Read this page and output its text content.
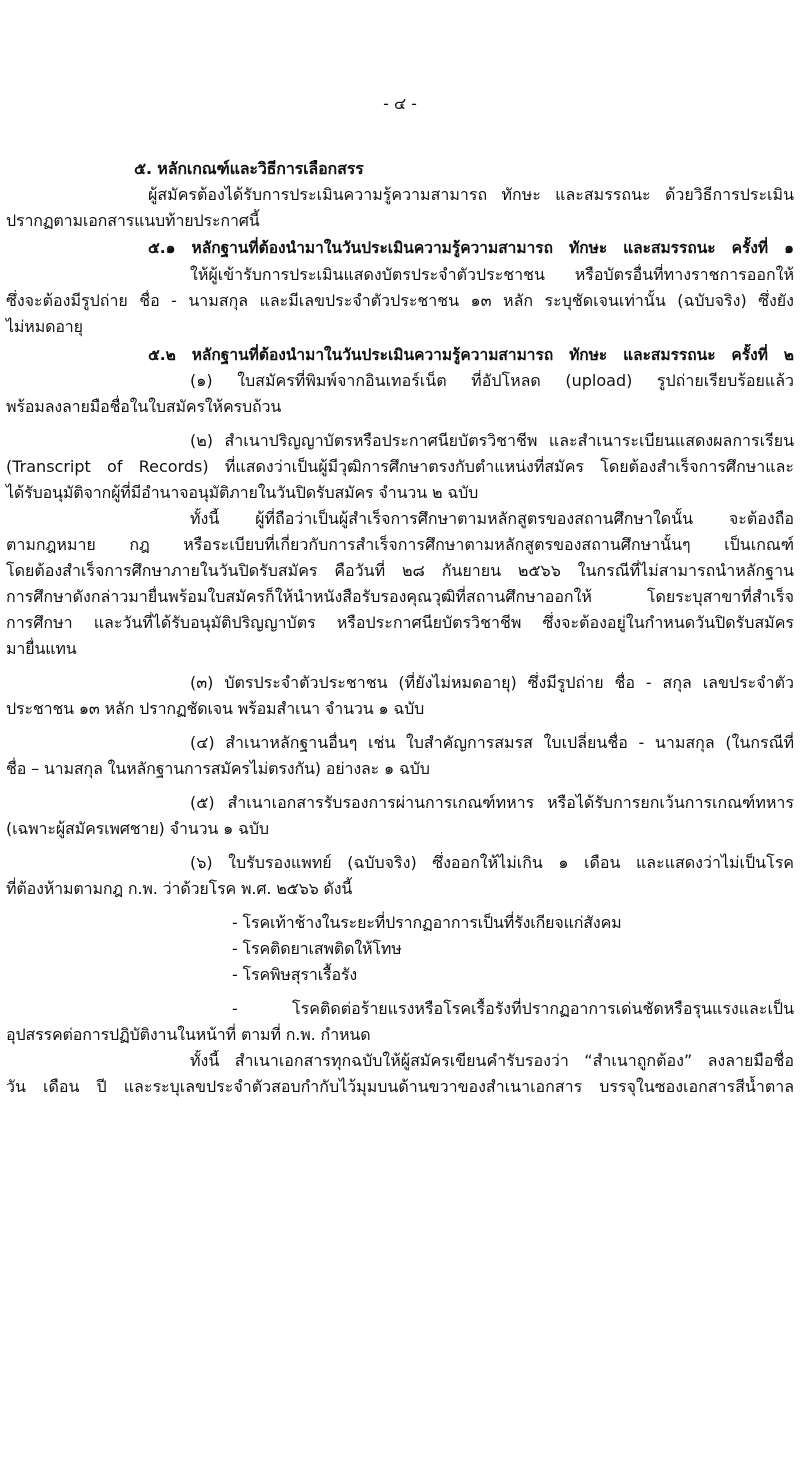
- ๔ -
๕. หลักเกณฑ์และวิธีการเลือกสรร
ผู้สมัครต้องได้รับการประเมินความรู้ความสามารถ ทักษะ และสมรรถนะ ด้วยวิธีการประเมิน
ปรากฏตามเอกสารแนบท้ายประกาศนี้
๕.๑ หลักฐานที่ต้องนำมาในวันประเมินความรู้ความสามารถ ทักษะ และสมรรถนะ ครั้งที่ ๑
ให้ผู้เข้ารับการประเมินแสดงบัตรประจำตัวประชาชน หรือบัตรอื่นที่ทางราชการออกให้
ซึ่งจะต้องมีรูปถ่าย ชื่อ - นามสกุล และมีเลขประจำตัวประชาชน ๑๓ หลัก ระบุชัดเจนเท่านั้น (ฉบับจริง) ซึ่งยัง
ไม่หมดอายุ
๕.๒ หลักฐานที่ต้องนำมาในวันประเมินความรู้ความสามารถ ทักษะ และสมรรถนะ ครั้งที่ ๒
(๑) ใบสมัครที่พิมพ์จากอินเทอร์เน็ต ที่อัปโหลด (upload) รูปถ่ายเรียบร้อยแล้ว
พร้อมลงลายมือชื่อในใบสมัครให้ครบถ้วน
(๒) สำเนาปริญญาบัตรหรือประกาศนียบัตรวิชาชีพ และสำเนาระเบียนแสดงผลการเรียน
(Transcript of Records) ที่แสดงว่าเป็นผู้มีวุฒิการศึกษาตรงกับตำแหน่งที่สมัคร โดยต้องสำเร็จการศึกษาและ
ได้รับอนุมัติจากผู้ที่มีอำนาจอนุมัติภายในวันปิดรับสมัคร จำนวน ๒ ฉบับ
ทั้งนี้ ผู้ที่ถือว่าเป็นผู้สำเร็จการศึกษาตามหลักสูตรของสถานศึกษาใดนั้น จะต้องถือ
ตามกฎหมาย กฎ หรือระเบียบที่เกี่ยวกับการสำเร็จการศึกษาตามหลักสูตรของสถานศึกษานั้นๆ เป็นเกณฑ์
โดยต้องสำเร็จการศึกษาภายในวันปิดรับสมัคร คือวันที่ ๒๘ กันยายน ๒๕๖๖ ในกรณีที่ไม่สามารถนำหลักฐาน
การศึกษาดังกล่าวมายื่นพร้อมใบสมัครก็ให้นำหนังสือรับรองคุณวุฒิที่สถานศึกษาออกให้ โดยระบุสาขาที่สำเร็จ
การศึกษา และวันที่ได้รับอนุมัติปริญญาบัตร หรือประกาศนียบัตรวิชาชีพ ซึ่งจะต้องอยู่ในกำหนดวันปิดรับสมัคร
มายื่นแทน
(๓) บัตรประจำตัวประชาชน (ที่ยังไม่หมดอายุ) ซึ่งมีรูปถ่าย ชื่อ - สกุล เลขประจำตัว
ประชาชน ๑๓ หลัก ปรากฏชัดเจน พร้อมสำเนา จำนวน ๑ ฉบับ
(๔) สำเนาหลักฐานอื่นๆ เช่น ใบสำคัญการสมรส ใบเปลี่ยนชื่อ - นามสกุล (ในกรณีที่
ชื่อ – นามสกุล ในหลักฐานการสมัครไม่ตรงกัน) อย่างละ ๑ ฉบับ
(๕) สำเนาเอกสารรับรองการผ่านการเกณฑ์ทหาร หรือได้รับการยกเว้นการเกณฑ์ทหาร
(เฉพาะผู้สมัครเพศชาย) จำนวน ๑ ฉบับ
(๖) ใบรับรองแพทย์ (ฉบับจริง) ซึ่งออกให้ไม่เกิน ๑ เดือน และแสดงว่าไม่เป็นโรค
ที่ต้องห้ามตามกฎ ก.พ. ว่าด้วยโรค พ.ศ. ๒๕๖๖ ดังนี้
- โรคเท้าช้างในระยะที่ปรากฏอาการเป็นที่รังเกียจแก่สังคม
- โรคติดยาเสพติดให้โทษ
- โรคพิษสุราเรื้อรัง
- โรคติดต่อร้ายแรงหรือโรคเรื้อรังที่ปรากฏอาการเด่นชัดหรือรุนแรงและเป็น
อุปสรรคต่อการปฏิบัติงานในหน้าที่ ตามที่ ก.พ. กำหนด
ทั้งนี้ สำเนาเอกสารทุกฉบับให้ผู้สมัครเขียนคำรับรองว่า “สำเนาถูกต้อง” ลงลายมือชื่อ
วัน เดือน ปี และระบุเลขประจำตัวสอบกำกับไว้มุมบนด้านขวาของสำเนาเอกสาร บรรจุในซองเอกสารสีน้ำตาล
